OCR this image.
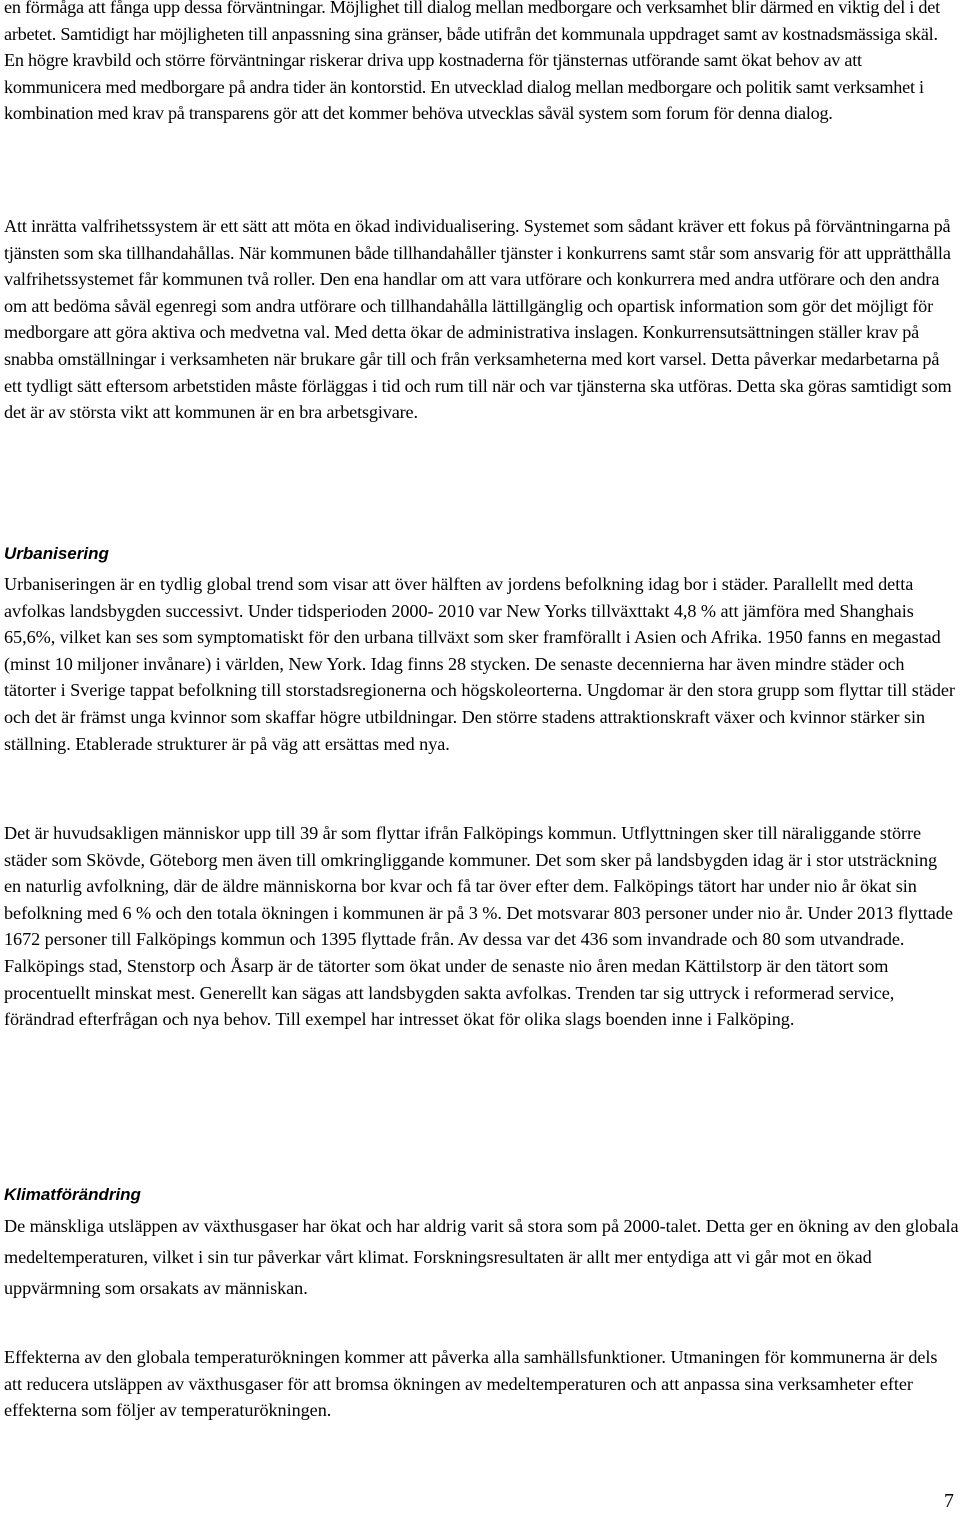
en förmåga att fånga upp dessa förväntningar. Möjlighet till dialog mellan medborgare och verksamhet blir därmed en viktig del i det arbetet. Samtidigt har möjligheten till anpassning sina gränser, både utifrån det kommunala uppdraget samt av kostnadsmässiga skäl. En högre kravbild och större förväntningar riskerar driva upp kostnaderna för tjänsternas utförande samt ökat behov av att kommunicera med medborgare på andra tider än kontorstid. En utvecklad dialog mellan medborgare och politik samt verksamhet i kombination med krav på transparens gör att det kommer behöva utvecklas såväl system som forum för denna dialog.

Att inrätta valfrihetssystem är ett sätt att möta en ökad individualisering. Systemet som sådant kräver ett fokus på förväntningarna på tjänsten som ska tillhandahållas. När kommunen både tillhandahåller tjänster i konkurrens samt står som ansvarig för att upprätthålla valfrihetssystemet får kommunen två roller. Den ena handlar om att vara utförare och konkurrera med andra utförare och den andra om att bedöma såväl egenregi som andra utförare och tillhandahålla lättillgänglig och opartisk information som gör det möjligt för medborgare att göra aktiva och medvetna val. Med detta ökar de administrativa inslagen. Konkurrensutsättningen ställer krav på snabba omställningar i verksamheten när brukare går till och från verksamheterna med kort varsel. Detta påverkar medarbetarna på ett tydligt sätt eftersom arbetstiden måste förläggas i tid och rum till när och var tjänsterna ska utföras. Detta ska göras samtidigt som det är av största vikt att kommunen är en bra arbetsgivare.

Urbanisering

Urbaniseringen är en tydlig global trend som visar att över hälften av jordens befolkning idag bor i städer. Parallellt med detta avfolkas landsbygden successivt. Under tidsperioden 2000- 2010 var New Yorks tillväxttakt 4,8 % att jämföra med Shanghais 65,6%, vilket kan ses som symptomatiskt för den urbana tillväxt som sker framförallt i Asien och Afrika. 1950 fanns en megastad (minst 10 miljoner invånare) i världen, New York. Idag finns 28 stycken. De senaste decennierna har även mindre städer och tätorter i Sverige tappat befolkning till storstadsregionerna och högskoleorterna. Ungdomar är den stora grupp som flyttar till städer och det är främst unga kvinnor som skaffar högre utbildningar. Den större stadens attraktionskraft växer och kvinnor stärker sin ställning. Etablerade strukturer är på väg att ersättas med nya.

Det är huvudsakligen människor upp till 39 år som flyttar ifrån Falköpings kommun. Utflyttningen sker till näraliggande större städer som Skövde, Göteborg men även till omkringliggande kommuner. Det som sker på landsbygden idag är i stor utsträckning en naturlig avfolkning, där de äldre människorna bor kvar och få tar över efter dem. Falköpings tätort har under nio år ökat sin befolkning med 6 % och den totala ökningen i kommunen är på 3 %. Det motsvarar 803 personer under nio år. Under 2013 flyttade 1672 personer till Falköpings kommun och 1395 flyttade från. Av dessa var det 436 som invandrade och 80 som utvandrade. Falköpings stad, Stenstorp och Åsarp är de tätorter som ökat under de senaste nio åren medan Kättilstorp är den tätort som procentuellt minskat mest. Generellt kan sägas att landsbygden sakta avfolkas. Trenden tar sig uttryck i reformerad service, förändrad efterfrågan och nya behov. Till exempel har intresset ökat för olika slags boenden inne i Falköping.

Klimatförändring

De mänskliga utsläppen av växthusgaser har ökat och har aldrig varit så stora som på 2000-talet. Detta ger en ökning av den globala medeltemperaturen, vilket i sin tur påverkar vårt klimat. Forskningsresultaten är allt mer entydiga att vi går mot en ökad uppvärmning som orsakats av människan.

Effekterna av den globala temperaturökningen kommer att påverka alla samhällsfunktioner. Utmaningen för kommunerna är dels att reducera utsläppen av växthusgaser för att bromsa ökningen av medeltemperaturen och att anpassa sina verksamheter efter effekterna som följer av temperaturökningen.

7
